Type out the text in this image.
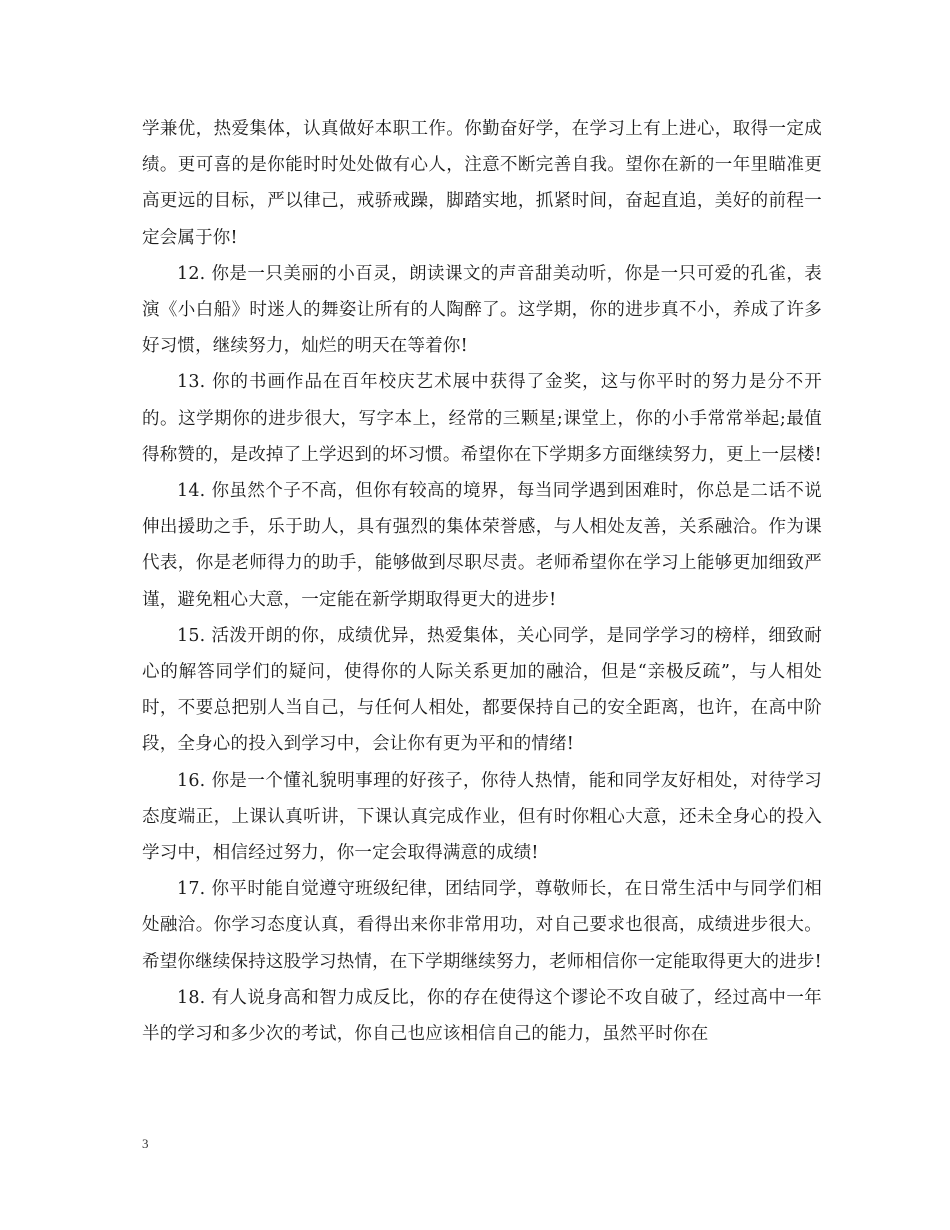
学兼优，热爱集体，认真做好本职工作。你勤奋好学，在学习上有上进心，取得一定成绩。更可喜的是你能时时处处做有心人，注意不断完善自我。望你在新的一年里瞄准更高更远的目标，严以律己，戒骄戒躁，脚踏实地，抓紧时间，奋起直追，美好的前程一定会属于你!

12. 你是一只美丽的小百灵，朗读课文的声音甜美动听，你是一只可爱的孔雀，表演《小白船》时迷人的舞姿让所有的人陶醉了。这学期，你的进步真不小，养成了许多好习惯，继续努力，灿烂的明天在等着你!

13. 你的书画作品在百年校庆艺术展中获得了金奖，这与你平时的努力是分不开的。这学期你的进步很大，写字本上，经常的三颗星;课堂上，你的小手常常举起;最值得称赞的，是改掉了上学迟到的坏习惯。希望你在下学期多方面继续努力，更上一层楼!

14. 你虽然个子不高，但你有较高的境界，每当同学遇到困难时，你总是二话不说伸出援助之手，乐于助人，具有强烈的集体荣誉感，与人相处友善，关系融洽。作为课代表，你是老师得力的助手，能够做到尽职尽责。老师希望你在学习上能够更加细致严谨，避免粗心大意，一定能在新学期取得更大的进步!

15. 活泼开朗的你，成绩优异，热爱集体，关心同学，是同学学习的榜样，细致耐心的解答同学们的疑问，使得你的人际关系更加的融洽，但是“亲极反疏”，与人相处时，不要总把别人当自己，与任何人相处，都要保持自己的安全距离，也许，在高中阶段，全身心的投入到学习中，会让你有更为平和的情绪!

16. 你是一个懂礼貌明事理的好孩子，你待人热情，能和同学友好相处，对待学习态度端正，上课认真听讲，下课认真完成作业，但有时你粗心大意，还未全身心的投入学习中，相信经过努力，你一定会取得满意的成绩!

17. 你平时能自觉遵守班级纪律，团结同学，尊敬师长，在日常生活中与同学们相处融洽。你学习态度认真，看得出来你非常用功，对自己要求也很高，成绩进步很大。希望你继续保持这股学习热情，在下学期继续努力，老师相信你一定能取得更大的进步!

18. 有人说身高和智力成反比，你的存在使得这个谬论不攻自破了，经过高中一年半的学习和多少次的考试，你自己也应该相信自己的能力，虽然平时你在

3
